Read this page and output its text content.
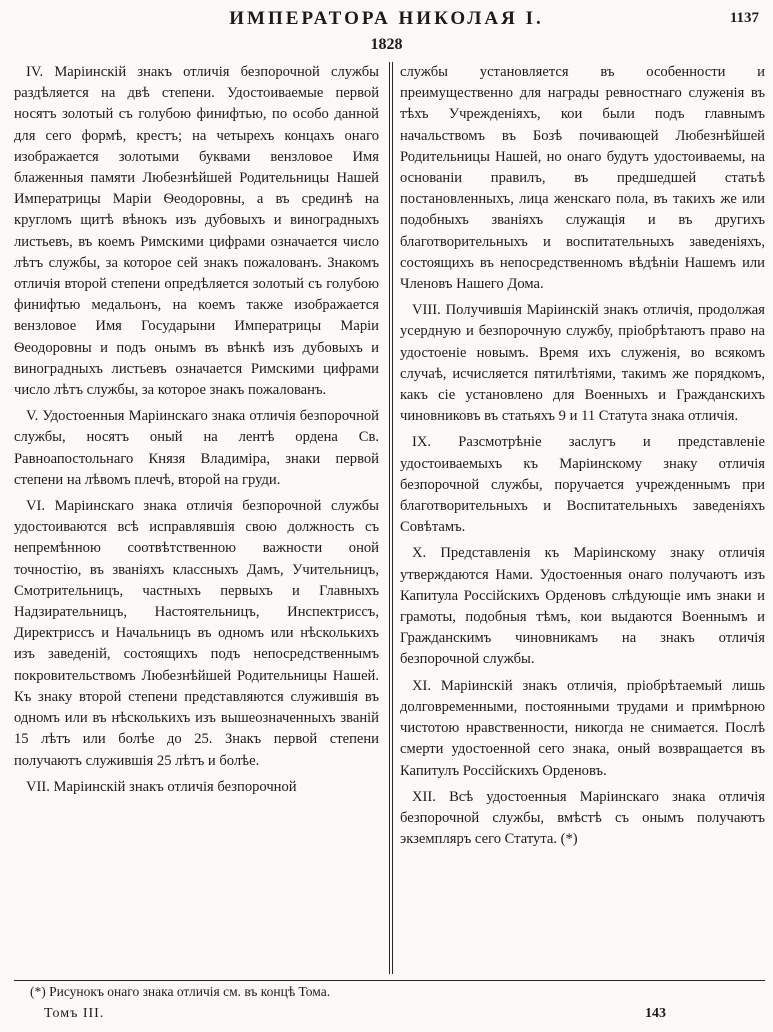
ИМПЕРАТОРА НИКОЛАЯ I.	1137
1828

IV. Маріинскій знакъ отличія безпорочной службы раздѣляется на двѣ степени. Удостоиваемые первой носятъ золотый съ голубою финифтью, по особо данной для сего формѣ, крестъ; на четырехъ концахъ онаго изображается золотыми буквами вензловое Имя блаженныя памяти Любезнѣйшей Родительницы Нашей Императрицы Маріи Ѳеодоровны, а въ срединѣ на кругломъ щитѣ вѣнокъ изъ дубовыхъ и виноградныхъ листьевъ, въ коемъ Римскими цифрами означается число лѣтъ службы, за которое сей знакъ пожалованъ. Знакомъ отличія второй степени опредѣляется золотый съ голубою финифтью медальонъ, на коемъ также изображается вензловое Имя Государыни Императрицы Маріи Ѳеодоровны и подъ онымъ въ вѣнкѣ изъ дубовыхъ и виноградныхъ листьевъ означается Римскими цифрами число лѣтъ службы, за которое знакъ пожалованъ.

V. Удостоенныя Маріинскаго знака отличія безпорочной службы, носятъ оный на лентѣ ордена Св. Равноапостольнаго Князя Владиміра, знаки первой степени на лѣвомъ плечѣ, второй на груди.

VI. Маріинскаго знака отличія безпорочной службы удостоиваются всѣ исправлявшія свою должность съ непремѣнною соотвѣтственною важности оной точностію, въ званіяхъ классныхъ Дамъ, Учительницъ, Смотрительницъ, частныхъ первыхъ и Главныхъ Надзирательницъ, Настоятельницъ, Инспектриссъ, Директриссъ и Начальницъ въ одномъ или нѣсколькихъ изъ заведеній, состоящихъ подъ непосредственнымъ покровительствомъ Любезнѣйшей Родительницы Нашей. Къ знаку второй степени представляются служившія въ одномъ или въ нѣсколькихъ изъ вышеозначенныхъ званій 15 лѣтъ или болѣе до 25. Знакъ первой степени получаютъ служившія 25 лѣтъ и болѣе.

VII. Маріинскій знакъ отличія безпорочной

службы установляется въ особенности и преимущественно для награды ревностнаго служенія въ тѣхъ Учрежденіяхъ, кои были подъ главнымъ начальствомъ въ Бозѣ почивающей Любезнѣйшей Родительницы Нашей, но онаго будутъ удостоиваемы, на основаніи правилъ, въ предшедшей статьѣ постановленныхъ, лица женскаго пола, въ такихъ же или подобныхъ званіяхъ служащія и въ другихъ благотворительныхъ и воспитательныхъ заведеніяхъ, состоящихъ въ непосредственномъ вѣдѣніи Нашемъ или Членовъ Нашего Дома.

VIII. Получившія Маріинскій знакъ отличія, продолжая усердную и безпорочную службу, пріобрѣтаютъ право на удостоеніе новымъ. Время ихъ служенія, во всякомъ случаѣ, исчисляется пятилѣтіями, такимъ же порядкомъ, какъ сіе установлено для Военныхъ и Гражданскихъ чиновниковъ въ статьяхъ 9 и 11 Статута знака отличія.

IX. Разсмотрѣніе заслугъ и представленіе удостоиваемыхъ къ Маріинскому знаку отличія безпорочной службы, поручается учрежденнымъ при благотворительныхъ и Воспитательныхъ заведеніяхъ Совѣтамъ.

X. Представленія къ Маріинскому знаку отличія утверждаются Нами. Удостоенныя онаго получаютъ изъ Капитула Россійскихъ Орденовъ слѣдующіе имъ знаки и грамоты, подобныя тѣмъ, кои выдаются Военнымъ и Гражданскимъ чиновникамъ на знакъ отличія безпорочной службы.

XI. Маріинскій знакъ отличія, пріобрѣтаемый лишь долговременными, постоянными трудами и примѣрною чистотою нравственности, никогда не снимается. Послѣ смерти удостоенной сего знака, оный возвращается въ Капитулъ Россійскихъ Орденовъ.

XII. Всѣ удостоенныя Маріинскаго знака отличія безпорочной службы, вмѣстѣ съ онымъ получаютъ экземпляръ сего Статута. (*)

(*) Рисунокъ онаго знака отличія см. въ концѣ Тома.
Томъ III.	143
